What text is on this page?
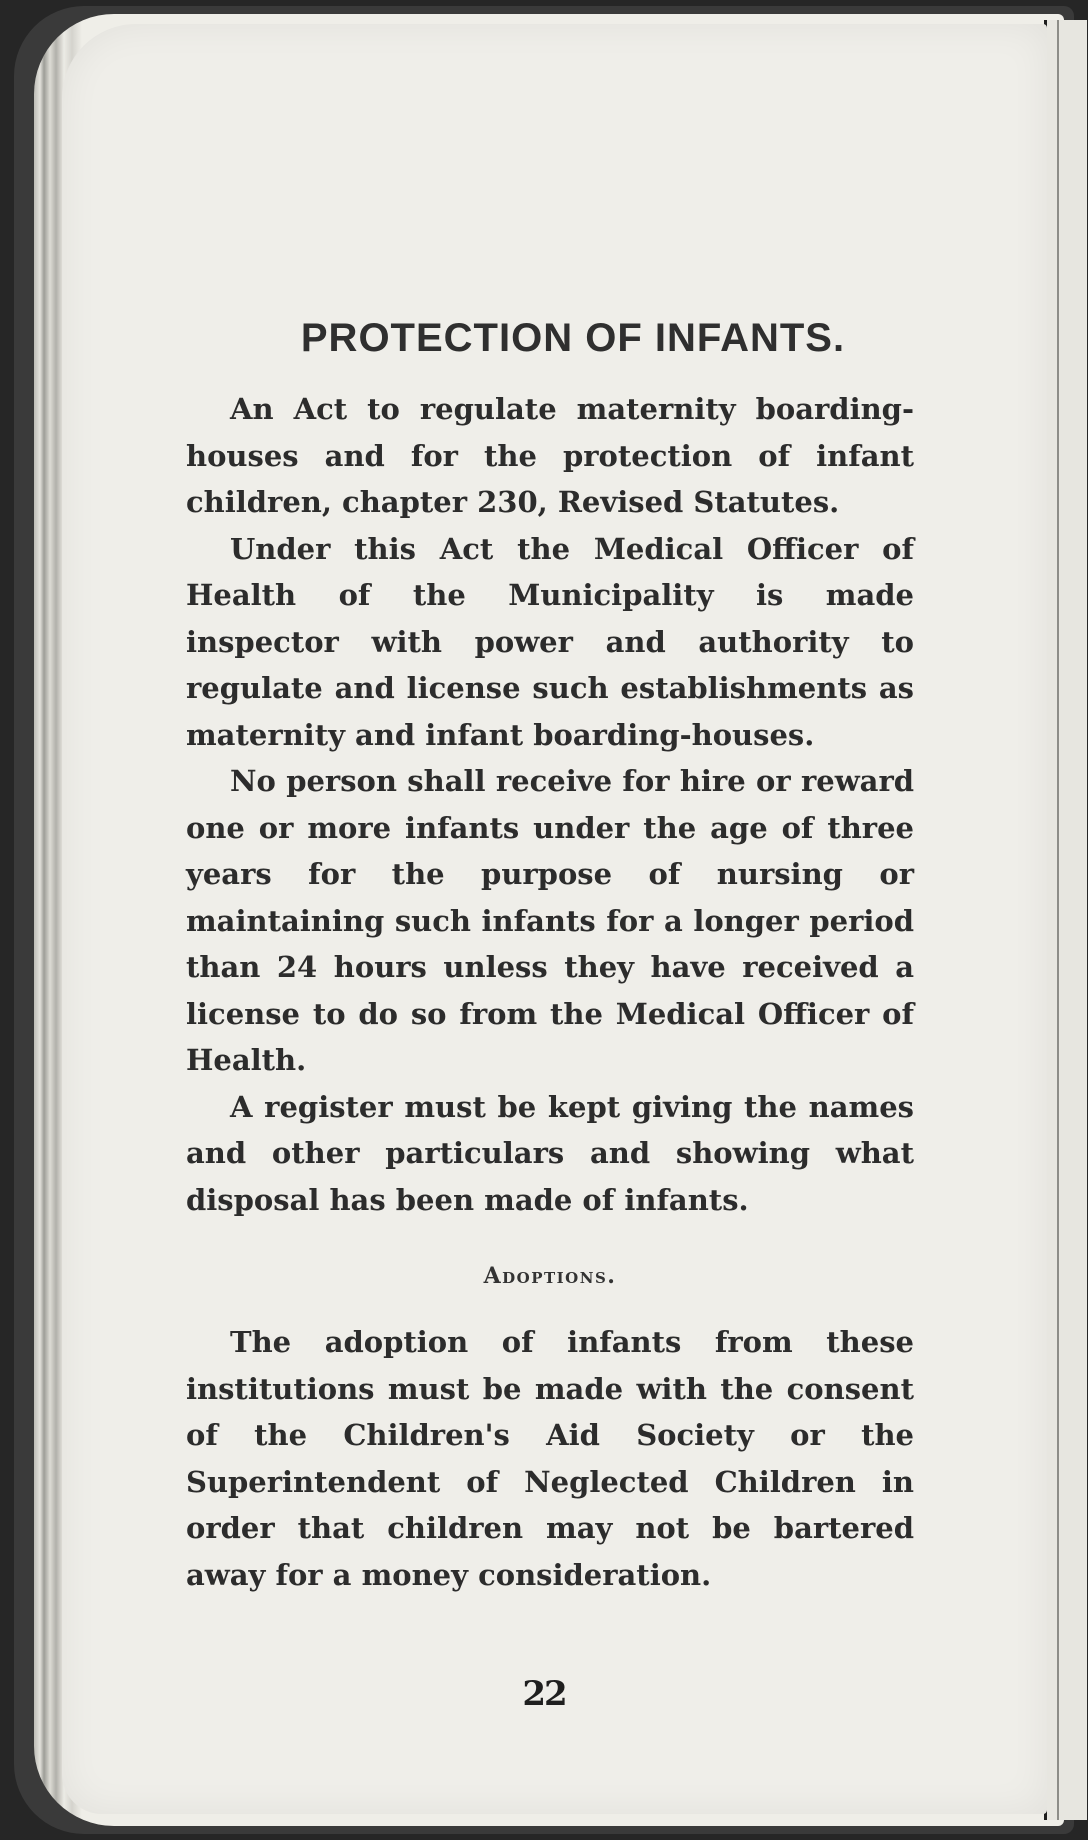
PROTECTION OF INFANTS.

An Act to regulate maternity boarding-houses and for the protection of infant children, chapter 230, Revised Statutes.

Under this Act the Medical Officer of Health of the Municipality is made inspector with power and authority to regulate and license such establishments as maternity and infant boarding-houses.

No person shall receive for hire or reward one or more infants under the age of three years for the purpose of nursing or maintaining such infants for a longer period than 24 hours unless they have received a license to do so from the Medical Officer of Health.

A register must be kept giving the names and other particulars and showing what disposal has been made of infants.

Adoptions.

The adoption of infants from these institutions must be made with the consent of the Children's Aid Society or the Superintendent of Neglected Children in order that children may not be bartered away for a money consideration.

22
